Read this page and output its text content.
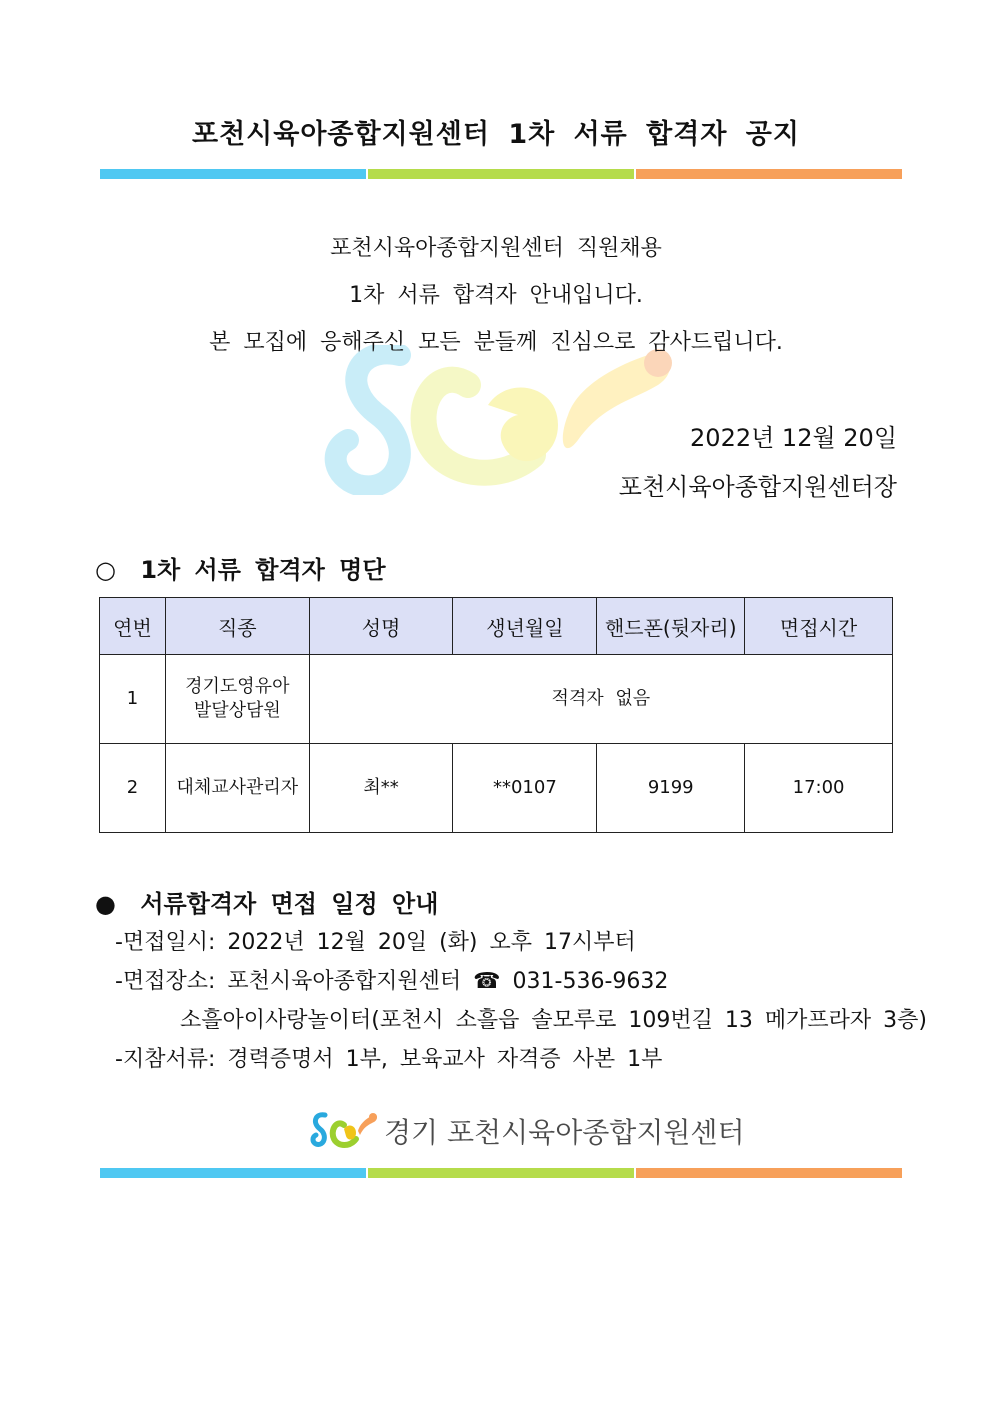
포천시육아종합지원센터 1차 서류 합격자 공지
포천시육아종합지원센터 직원채용
1차 서류 합격자 안내입니다.
본 모집에 응해주신 모든 분들께 진심으로 감사드립니다.
2022년 12월 20일
포천시육아종합지원센터장
○ 1차 서류 합격자 명단
연번	직종	성명	생년월일	핸드폰(뒷자리)	면접시간
1	경기도영유아
발달상담원	적격자 없음			
2	대체교사관리자	최**	**0107	9199	17:00
● 서류합격자 면접 일정 안내
-면접일시: 2022년 12월 20일 (화) 오후 17시부터
-면접장소: 포천시육아종합지원센터 ☎ 031-536-9632
소흘아이사랑놀이터(포천시 소흘읍 솔모루로 109번길 13 메가프라자 3층)
-지참서류: 경력증명서 1부, 보육교사 자격증 사본 1부
경기 포천시육아종합지원센터
